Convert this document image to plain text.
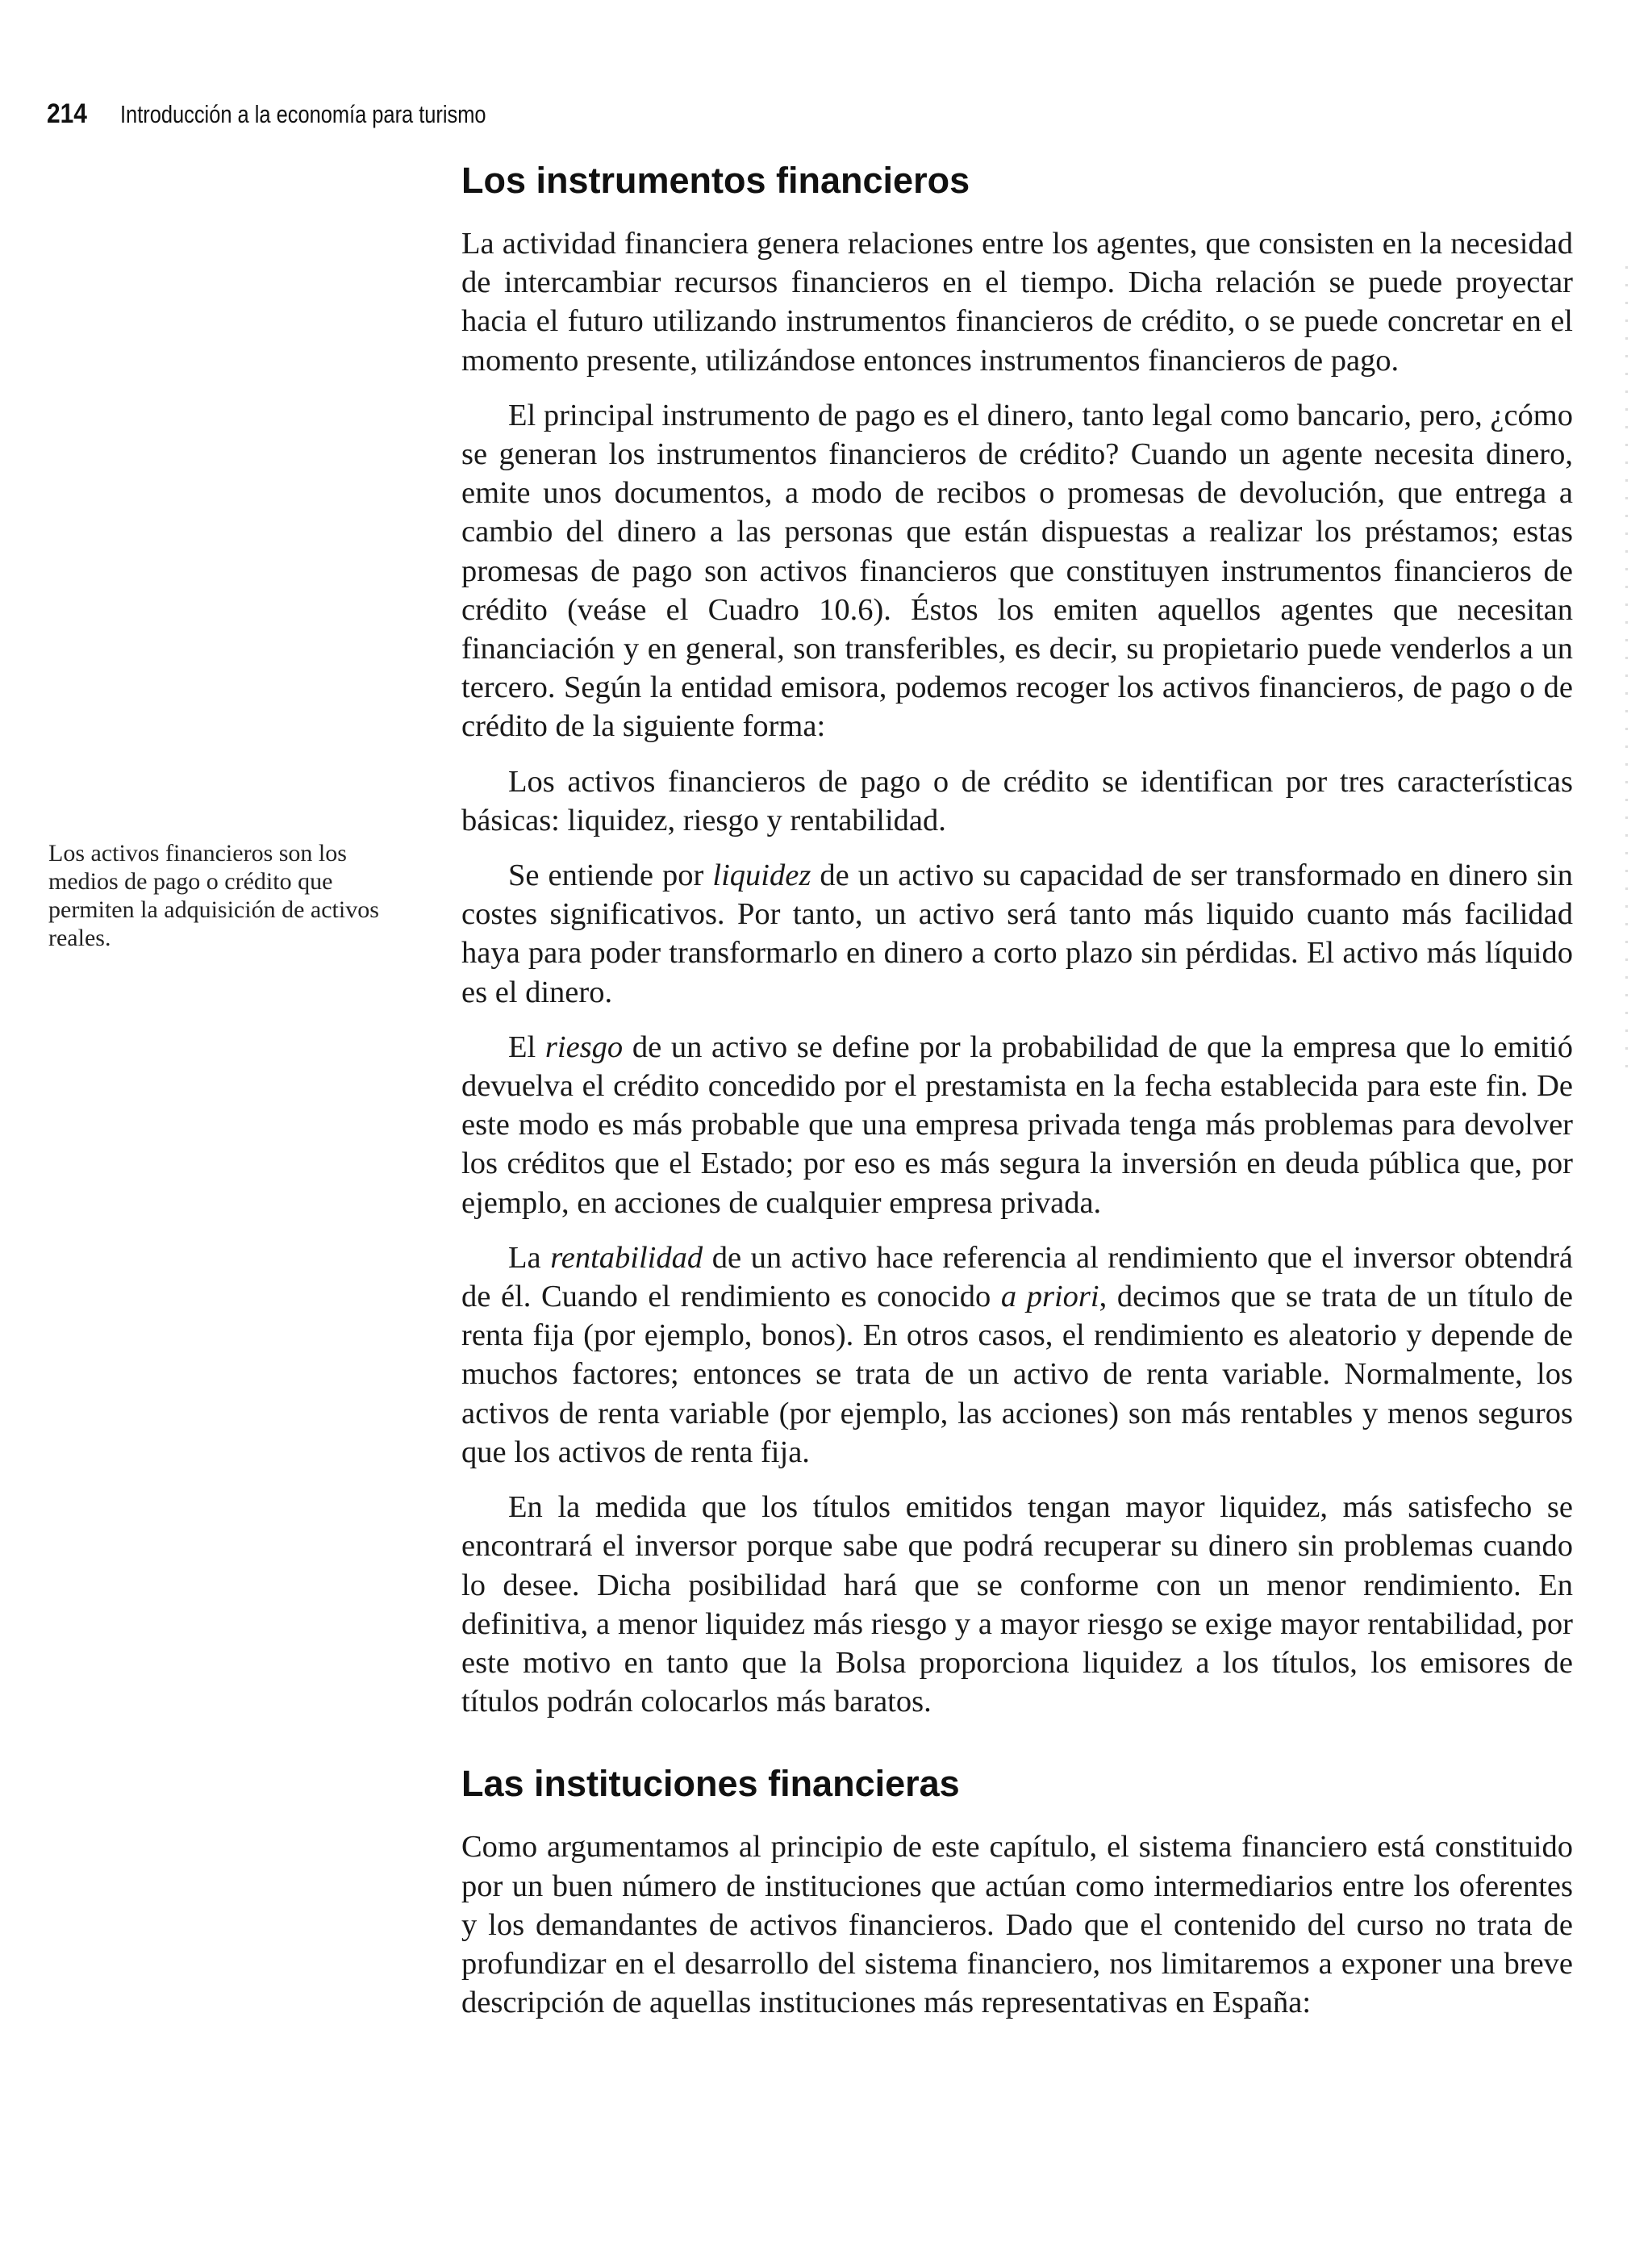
214 Introducción a la economía para turismo
Los activos financieros son los medios de pago o crédito que permiten la adquisición de activos reales.
Los instrumentos financieros

La actividad financiera genera relaciones entre los agentes, que consisten en la necesidad de intercambiar recursos financieros en el tiempo. Dicha relación se puede proyectar hacia el futuro utilizando instrumentos financieros de crédito, o se puede concretar en el momento presente, utilizándose entonces instrumentos financieros de pago.

El principal instrumento de pago es el dinero, tanto legal como bancario, pero, ¿cómo se generan los instrumentos financieros de crédito? Cuando un agente necesita dinero, emite unos documentos, a modo de recibos o promesas de devolución, que entrega a cambio del dinero a las personas que están dispuestas a realizar los préstamos; estas promesas de pago son activos financieros que constituyen instrumentos financieros de crédito (veáse el Cuadro 10.6). Éstos los emiten aquellos agentes que necesitan financiación y en general, son transferibles, es decir, su propietario puede venderlos a un tercero. Según la entidad emisora, podemos recoger los activos financieros, de pago o de crédito de la siguiente forma:

Los activos financieros de pago o de crédito se identifican por tres características básicas: liquidez, riesgo y rentabilidad.

Se entiende por liquidez de un activo su capacidad de ser transformado en dinero sin costes significativos. Por tanto, un activo será tanto más liquido cuanto más facilidad haya para poder transformarlo en dinero a corto plazo sin pérdidas. El activo más líquido es el dinero.

El riesgo de un activo se define por la probabilidad de que la empresa que lo emitió devuelva el crédito concedido por el prestamista en la fecha establecida para este fin. De este modo es más probable que una empresa privada tenga más problemas para devolver los créditos que el Estado; por eso es más segura la inversión en deuda pública que, por ejemplo, en acciones de cualquier empresa privada.

La rentabilidad de un activo hace referencia al rendimiento que el inversor obtendrá de él. Cuando el rendimiento es conocido a priori, decimos que se trata de un título de renta fija (por ejemplo, bonos). En otros casos, el rendimiento es aleatorio y depende de muchos factores; entonces se trata de un activo de renta variable. Normalmente, los activos de renta variable (por ejemplo, las acciones) son más rentables y menos seguros que los activos de renta fija.

En la medida que los títulos emitidos tengan mayor liquidez, más satisfecho se encontrará el inversor porque sabe que podrá recuperar su dinero sin problemas cuando lo desee. Dicha posibilidad hará que se conforme con un menor rendimiento. En definitiva, a menor liquidez más riesgo y a mayor riesgo se exige mayor rentabilidad, por este motivo en tanto que la Bolsa proporciona liquidez a los títulos, los emisores de títulos podrán colocarlos más baratos.

Las instituciones financieras

Como argumentamos al principio de este capítulo, el sistema financiero está constituido por un buen número de instituciones que actúan como intermediarios entre los oferentes y los demandantes de activos financieros. Dado que el contenido del curso no trata de profundizar en el desarrollo del sistema financiero, nos limitaremos a exponer una breve descripción de aquellas instituciones más representativas en España:
